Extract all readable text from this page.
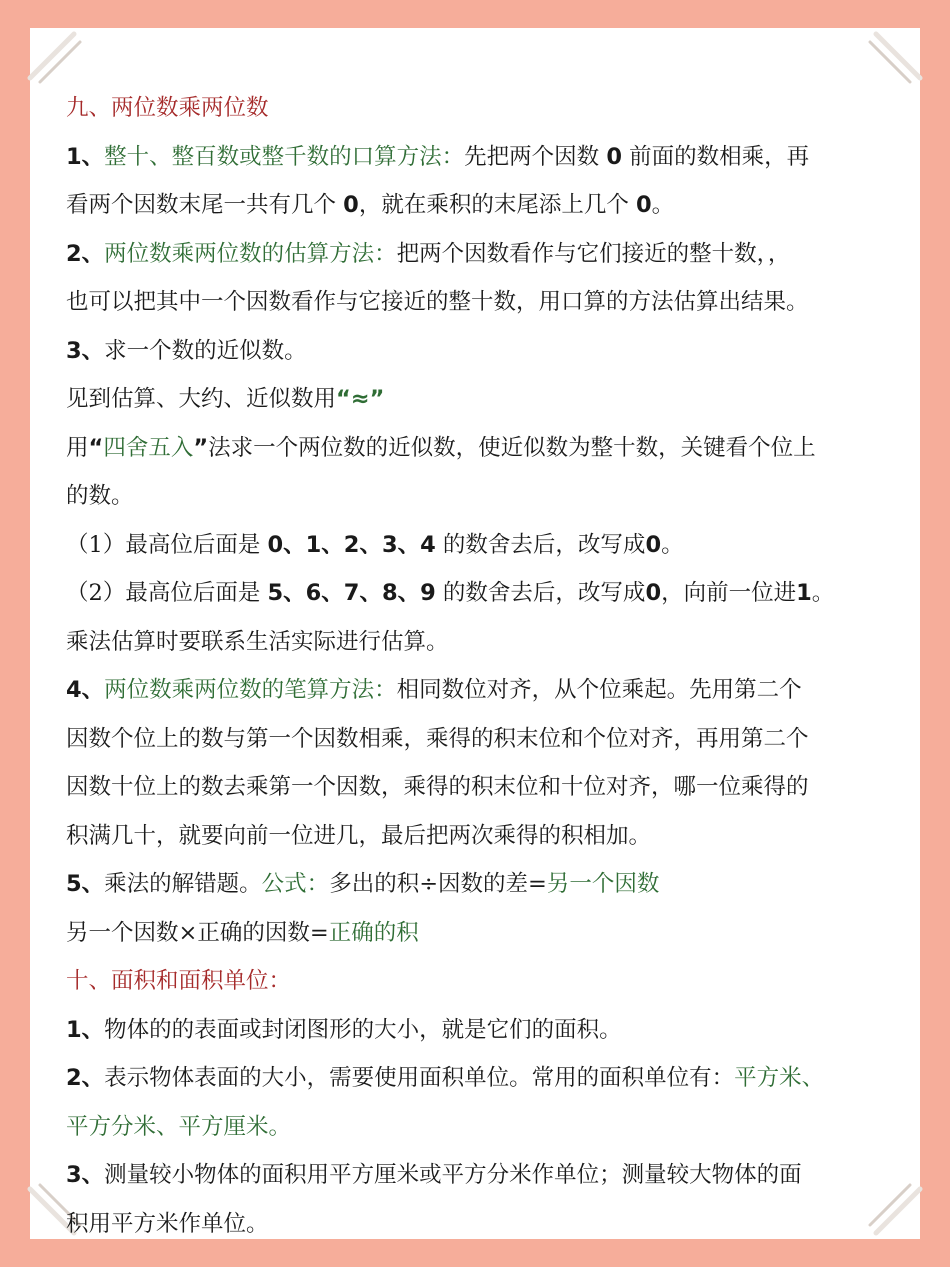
九、两位数乘两位数
1、整十、整百数或整千数的口算方法：先把两个因数 0 前面的数相乘，再
看两个因数末尾一共有几个 0，就在乘积的末尾添上几个 0。
2、两位数乘两位数的估算方法：把两个因数看作与它们接近的整十数，，
也可以把其中一个因数看作与它接近的整十数，用口算的方法估算出结果。
3、求一个数的近似数。
见到估算、大约、近似数用“≈”
用“四舍五入”法求一个两位数的近似数，使近似数为整十数，关键看个位上
的数。
（1）最高位后面是 0、1、2、3、4 的数舍去后，改写成0。
（2）最高位后面是 5、6、7、8、9 的数舍去后，改写成0，向前一位进1。
乘法估算时要联系生活实际进行估算。
4、两位数乘两位数的笔算方法：相同数位对齐，从个位乘起。先用第二个
因数个位上的数与第一个因数相乘，乘得的积末位和个位对齐，再用第二个
因数十位上的数去乘第一个因数，乘得的积末位和十位对齐，哪一位乘得的
积满几十，就要向前一位进几，最后把两次乘得的积相加。
5、乘法的解错题。公式：多出的积÷因数的差=另一个因数
另一个因数×正确的因数=正确的积
十、面积和面积单位：
1、物体的的表面或封闭图形的大小，就是它们的面积。
2、表示物体表面的大小，需要使用面积单位。常用的面积单位有：平方米、
平方分米、平方厘米。
3、测量较小物体的面积用平方厘米或平方分米作单位；测量较大物体的面
积用平方米作单位。
